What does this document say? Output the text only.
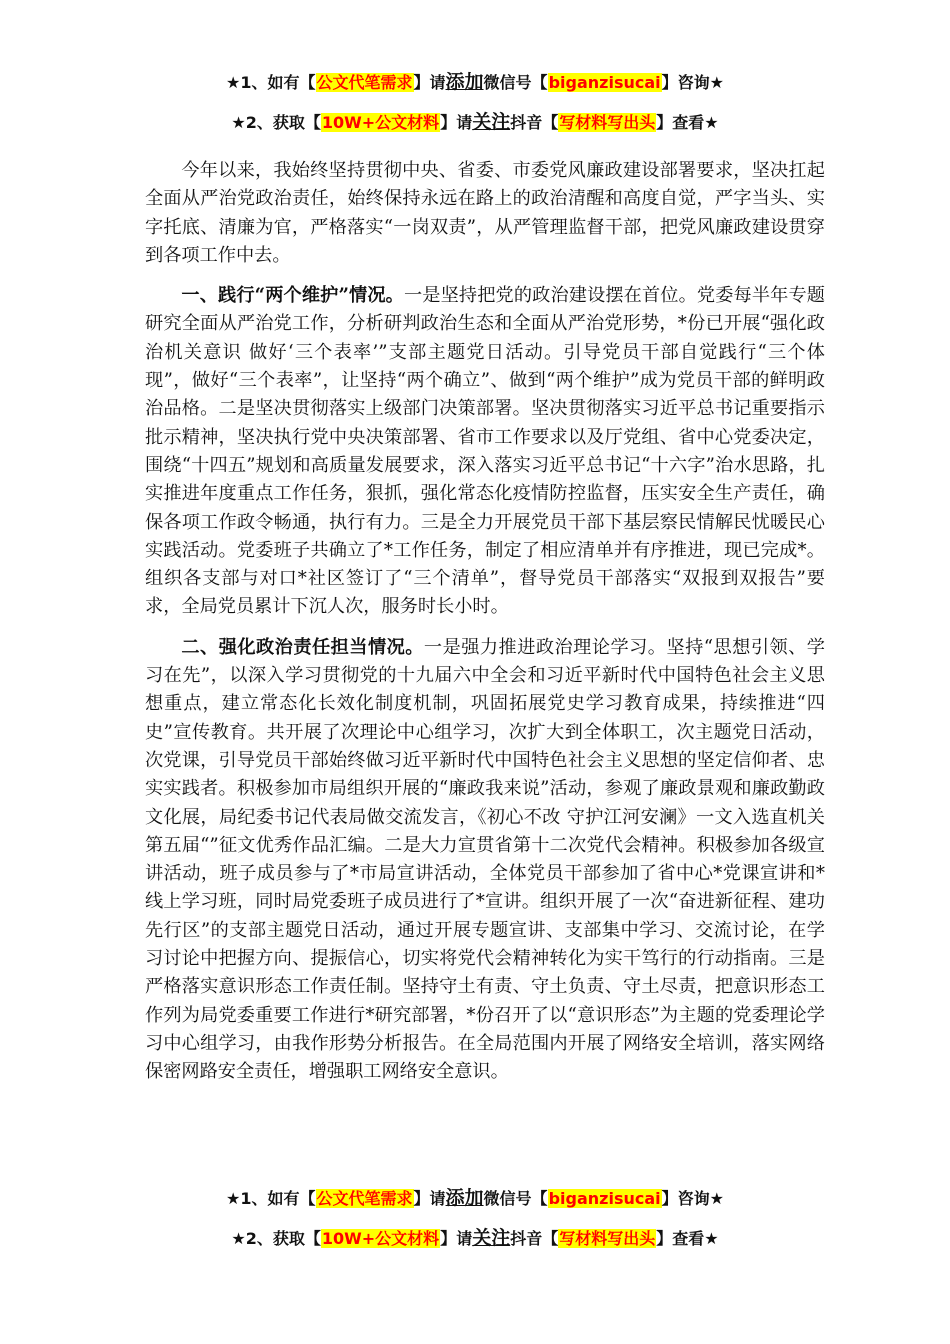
★1、如有【公文代笔需求】请添加微信号【biganzisucai】咨询★
★2、获取【10W+公文材料】请关注抖音【写材料写出头】查看★

今年以来，我始终坚持贯彻中央、省委、市委党风廉政建设部署要求，坚决扛起全面从严治党政治责任，始终保持永远在路上的政治清醒和高度自觉，严字当头、实字托底、清廉为官，严格落实“一岗双责”，从严管理监督干部，把党风廉政建设贯穿到各项工作中去。

一、践行“两个维护”情况。一是坚持把党的政治建设摆在首位。党委每半年专题研究全面从严治党工作，分析研判政治生态和全面从严治党形势，*份已开展“强化政治机关意识 做好‘三个表率’”支部主题党日活动。引导党员干部自觉践行“三个体现”，做好“三个表率”，让坚持“两个确立”、做到“两个维护”成为党员干部的鲜明政治品格。二是坚决贯彻落实上级部门决策部署。坚决贯彻落实习近平总书记重要指示批示精神，坚决执行党中央决策部署、省市工作要求以及厅党组、省中心党委决定，围绕“十四五”规划和高质量发展要求，深入落实习近平总书记“十六字”治水思路，扎实推进年度重点工作任务，狠抓，强化常态化疫情防控监督，压实安全生产责任，确保各项工作政令畅通，执行有力。三是全力开展党员干部下基层察民情解民忧暖民心实践活动。党委班子共确立了*工作任务，制定了相应清单并有序推进，现已完成*。组织各支部与对口*社区签订了“三个清单”，督导党员干部落实“双报到双报告”要求，全局党员累计下沉人次，服务时长小时。

二、强化政治责任担当情况。一是强力推进政治理论学习。坚持“思想引领、学习在先”，以深入学习贯彻党的十九届六中全会和习近平新时代中国特色社会主义思想重点，建立常态化长效化制度机制，巩固拓展党史学习教育成果，持续推进“四史”宣传教育。共开展了次理论中心组学习，次扩大到全体职工，次主题党日活动，次党课，引导党员干部始终做习近平新时代中国特色社会主义思想的坚定信仰者、忠实实践者。积极参加市局组织开展的“廉政我来说”活动，参观了廉政景观和廉政勤政文化展，局纪委书记代表局做交流发言，《初心不改 守护江河安澜》一文入选直机关第五届“”征文优秀作品汇编。二是大力宣贯省第十二次党代会精神。积极参加各级宣讲活动，班子成员参与了*市局宣讲活动，全体党员干部参加了省中心*党课宣讲和*线上学习班，同时局党委班子成员进行了*宣讲。组织开展了一次“奋进新征程、建功先行区”的支部主题党日活动，通过开展专题宣讲、支部集中学习、交流讨论，在学习讨论中把握方向、提振信心，切实将党代会精神转化为实干笃行的行动指南。三是严格落实意识形态工作责任制。坚持守土有责、守土负责、守土尽责，把意识形态工作列为局党委重要工作进行*研究部署，*份召开了以“意识形态”为主题的党委理论学习中心组学习，由我作形势分析报告。在全局范围内开展了网络安全培训，落实网络保密网路安全责任，增强职工网络安全意识。

★1、如有【公文代笔需求】请添加微信号【biganzisucai】咨询★
★2、获取【10W+公文材料】请关注抖音【写材料写出头】查看★
